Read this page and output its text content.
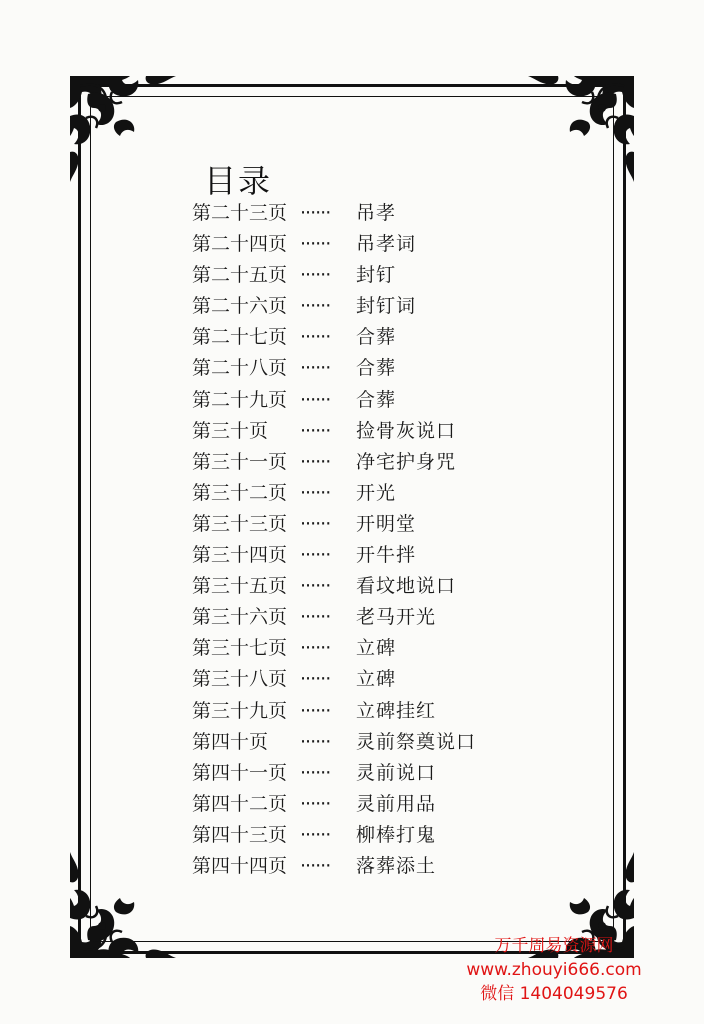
目录
第二十三页 ······ 吊孝
第二十四页 ······ 吊孝词
第二十五页 ······ 封钉
第二十六页 ······ 封钉词
第二十七页 ······ 合葬
第二十八页 ······ 合葬
第二十九页 ······ 合葬
第三十页 ······ 捡骨灰说口
第三十一页 ······ 净宅护身咒
第三十二页 ······ 开光
第三十三页 ······ 开明堂
第三十四页 ······ 开牛拌
第三十五页 ······ 看坟地说口
第三十六页 ······ 老马开光
第三十七页 ······ 立碑
第三十八页 ······ 立碑
第三十九页 ······ 立碑挂红
第四十页 ······ 灵前祭奠说口
第四十一页 ······ 灵前说口
第四十二页 ······ 灵前用品
第四十三页 ······ 柳棒打鬼
第四十四页 ······ 落葬添土
万千周易资源网
www.zhouyi666.com
微信 1404049576
